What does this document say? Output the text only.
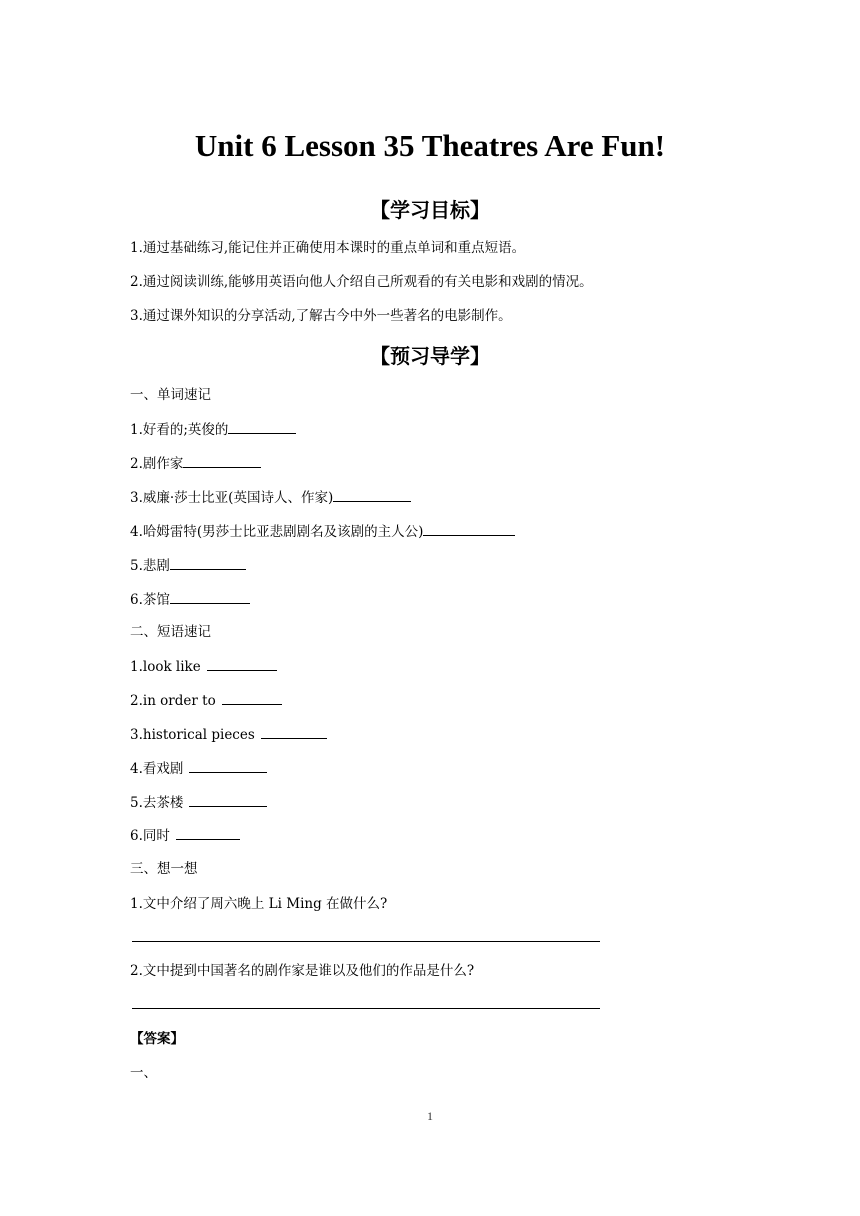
Unit 6 Lesson 35 Theatres Are Fun!
【学习目标】

1.通过基础练习,能记住并正确使用本课时的重点单词和重点短语。

2.通过阅读训练,能够用英语向他人介绍自己所观看的有关电影和戏剧的情况。

3.通过课外知识的分享活动,了解古今中外一些著名的电影制作。

【预习导学】

一、单词速记

1.好看的;英俊的

2.剧作家

3.威廉·莎士比亚(英国诗人、作家)

4.哈姆雷特(男莎士比亚悲剧剧名及该剧的主人公)

5.悲剧

6.茶馆

二、短语速记

1.look like

2.in order to

3.historical pieces

4.看戏剧

5.去茶楼

6.同时

三、想一想

1.文中介绍了周六晚上 Li Ming 在做什么?

2.文中提到中国著名的剧作家是谁以及他们的作品是什么?

【答案】

一、

1
